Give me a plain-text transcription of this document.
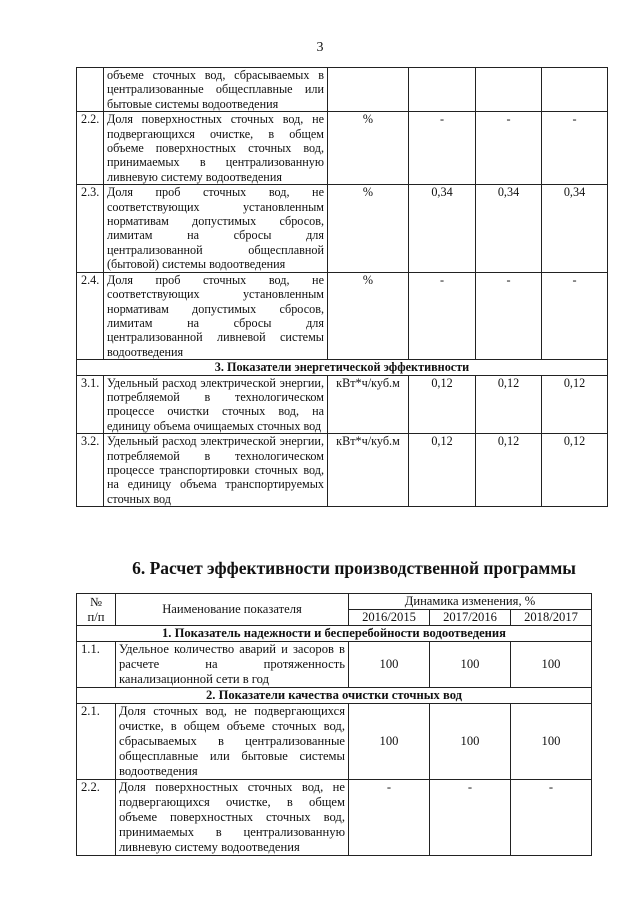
3
	объеме сточных вод, сбрасываемых в централизованные общесплавные или бытовые системы водоотведения				
2.2.	Доля поверхностных сточных вод, не подвергающихся очистке, в общем объеме поверхностных сточных вод, принимаемых в централизованную ливневую систему водоотведения	%	-	-	-
2.3.	Доля проб сточных вод, не соответствующих установленным нормативам допустимых сбросов, лимитам на сбросы для централизованной общесплавной (бытовой) системы водоотведения	%	0,34	0,34	0,34
2.4.	Доля проб сточных вод, не соответствующих установленным нормативам допустимых сбросов, лимитам на сбросы для централизованной ливневой системы водоотведения	%	-	-	-
3. Показатели энергетической эффективности					
3.1.	Удельный расход электрической энергии, потребляемой в технологическом процессе очистки сточных вод, на единицу объема очищаемых сточных вод	кВт*ч/куб.м	0,12	0,12	0,12
3.2.	Удельный расход электрической энергии, потребляемой в технологическом процессе транспортировки сточных вод, на единицу объема транспортируемых сточных вод	кВт*ч/куб.м	0,12	0,12	0,12
6. Расчет эффективности производственной программы
№
п/п	Наименование показателя	Динамика изменения, %		
		2016/2015	2017/2016	2018/2017
1. Показатель надежности и бесперебойности водоотведения				
1.1.	Удельное количество аварий и засоров в расчете на протяженность канализационной сети в год	100	100	100
2. Показатели качества очистки сточных вод				
2.1.	Доля сточных вод, не подвергающихся очистке, в общем объеме сточных вод, сбрасываемых в централизованные общесплавные или бытовые системы водоотведения	100	100	100
2.2.	Доля поверхностных сточных вод, не подвергающихся очистке, в общем объеме поверхностных сточных вод, принимаемых в централизованную ливневую систему водоотведения	-	-	-
